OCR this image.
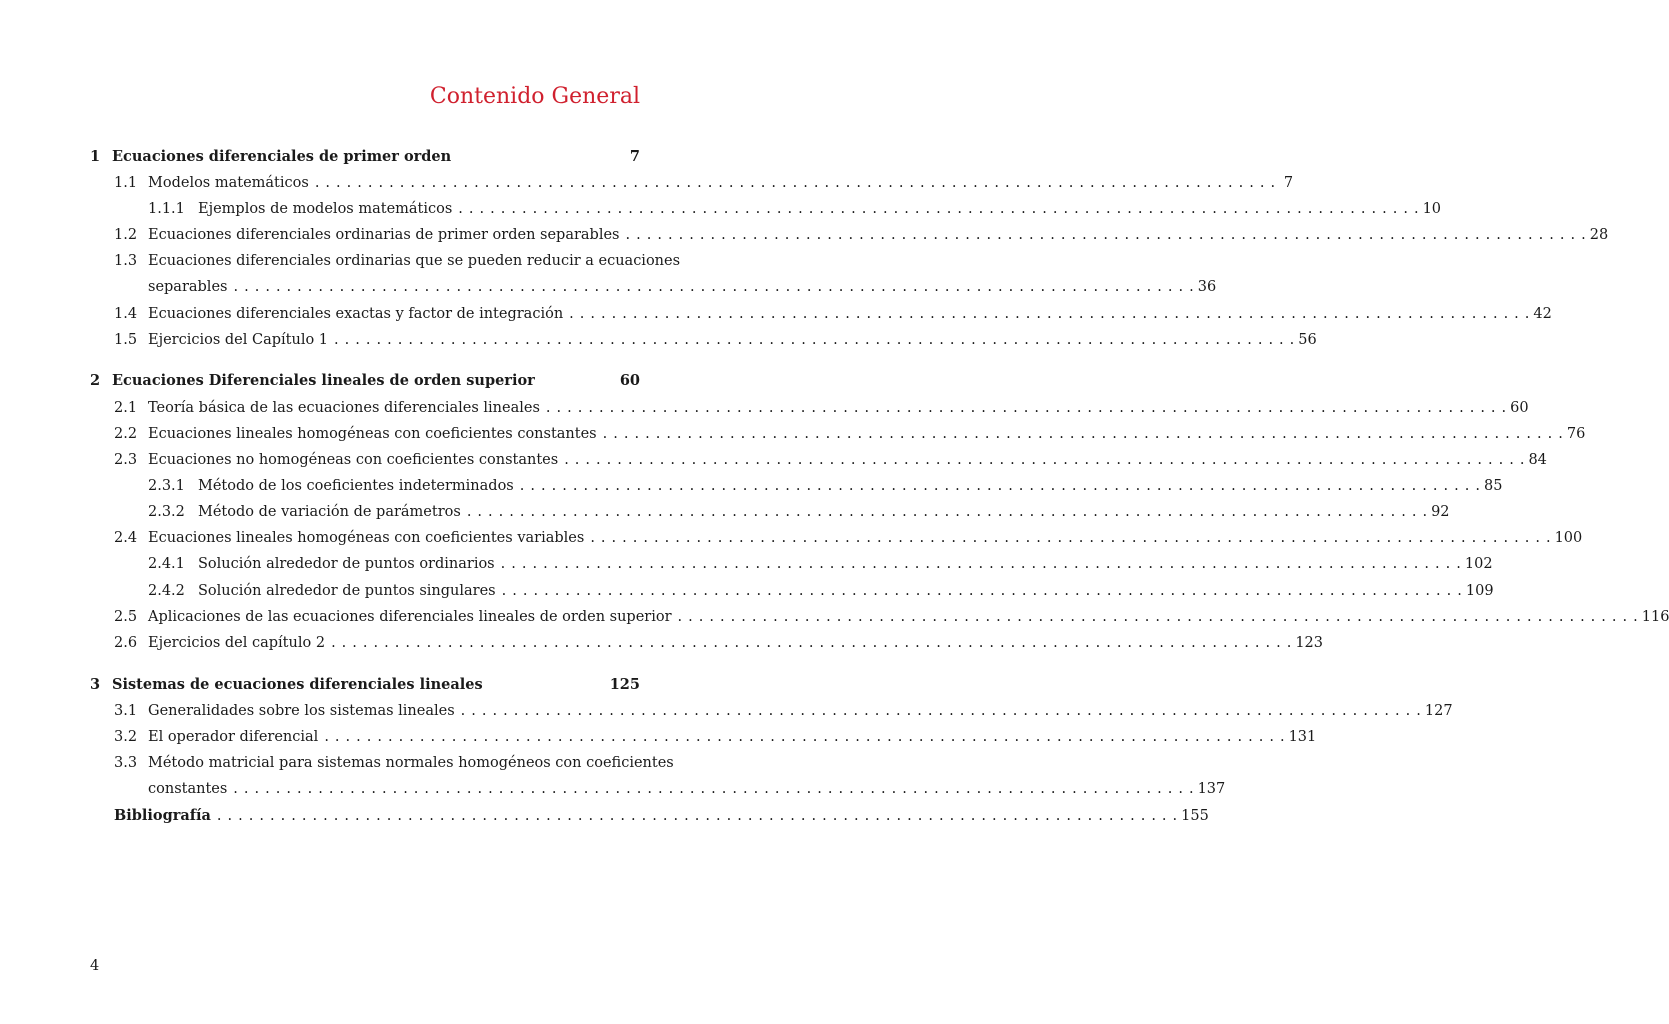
Contenido General
1 Ecuaciones diferenciales de primer orden	7
1.1 Modelos matemáticos . . .	7
1.1.1 Ejemplos de modelos matemáticos . . .	10
1.2 Ecuaciones diferenciales ordinarias de primer orden separables . . .	28
1.3 Ecuaciones diferenciales ordinarias que se pueden reducir a ecuaciones
separables . . .	36
1.4 Ecuaciones diferenciales exactas y factor de integración . . .	42
1.5 Ejercicios del Capítulo 1 . . .	56
2 Ecuaciones Diferenciales lineales de orden superior	60
2.1 Teoría básica de las ecuaciones diferenciales lineales . . .	60
2.2 Ecuaciones lineales homogéneas con coeficientes constantes . . .	76
2.3 Ecuaciones no homogéneas con coeficientes constantes . . .	84
2.3.1 Método de los coeficientes indeterminados . . .	85
2.3.2 Método de variación de parámetros . . .	92
2.4 Ecuaciones lineales homogéneas con coeficientes variables . . .	100
2.4.1 Solución alrededor de puntos ordinarios . . .	102
2.4.2 Solución alrededor de puntos singulares . . .	109
2.5 Aplicaciones de las ecuaciones diferenciales lineales de orden superior . . .	116
2.6 Ejercicios del capítulo 2 . . .	123
3 Sistemas de ecuaciones diferenciales lineales	125
3.1 Generalidades sobre los sistemas lineales . . .	127
3.2 El operador diferencial . . .	131
3.3 Método matricial para sistemas normales homogéneos con coeficientes
constantes . . .	137
Bibliografía . . .	155
4
